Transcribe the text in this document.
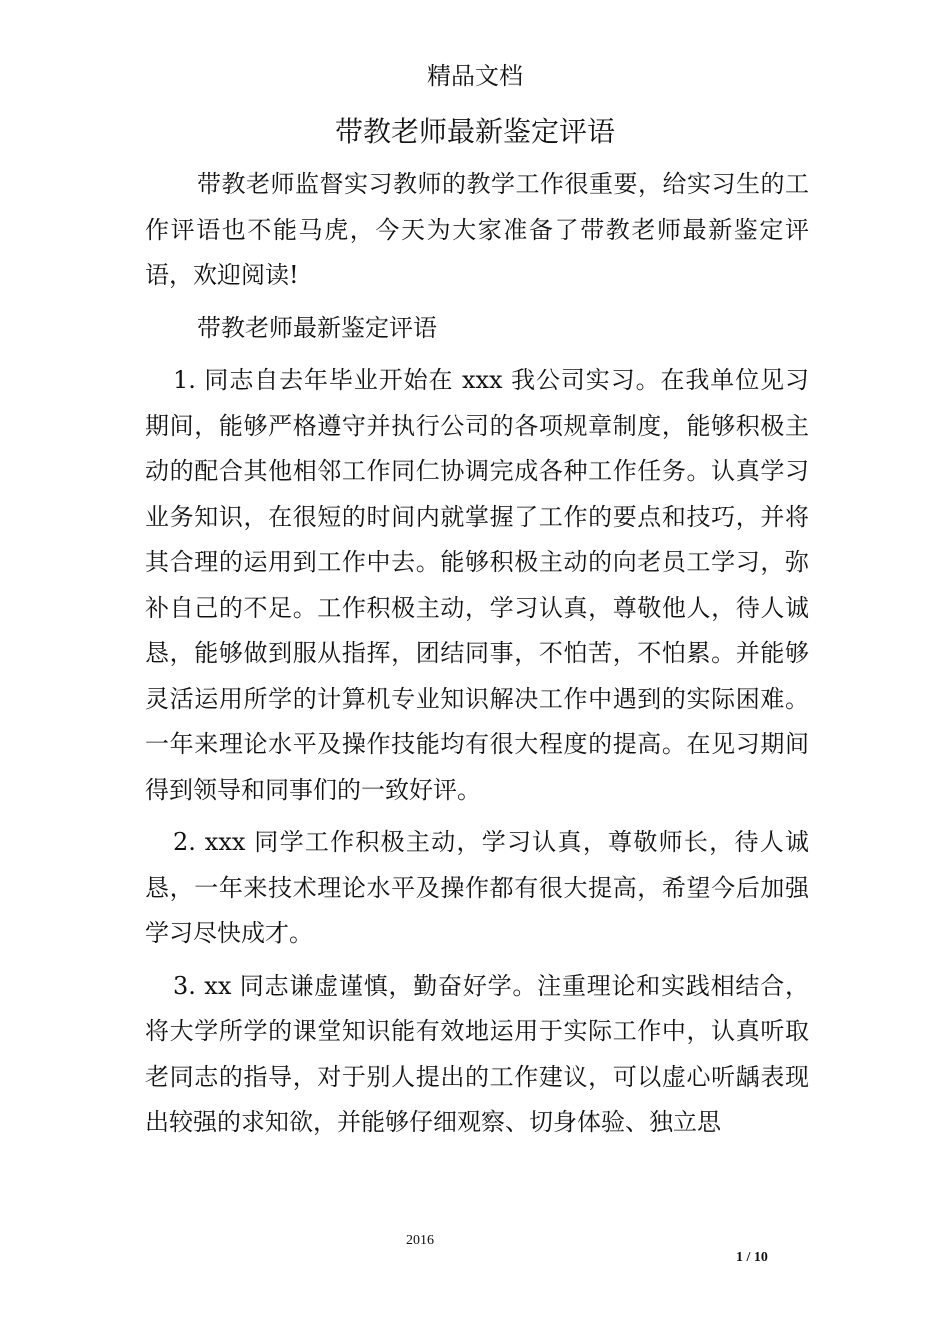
精品文档
带教老师最新鉴定评语

带教老师监督实习教师的教学工作很重要，给实习生的工作评语也不能马虎，今天为大家准备了带教老师最新鉴定评语，欢迎阅读!

带教老师最新鉴定评语

1. 同志自去年毕业开始在 xxx 我公司实习。在我单位见习期间，能够严格遵守并执行公司的各项规章制度，能够积极主动的配合其他相邻工作同仁协调完成各种工作任务。认真学习业务知识，在很短的时间内就掌握了工作的要点和技巧，并将其合理的运用到工作中去。能够积极主动的向老员工学习，弥补自己的不足。工作积极主动，学习认真，尊敬他人，待人诚恳，能够做到服从指挥，团结同事，不怕苦，不怕累。并能够灵活运用所学的计算机专业知识解决工作中遇到的实际困难。一年来理论水平及操作技能均有很大程度的提高。在见习期间得到领导和同事们的一致好评。

2. xxx 同学工作积极主动，学习认真，尊敬师长，待人诚恳，一年来技术理论水平及操作都有很大提高，希望今后加强学习尽快成才。

3. xx 同志谦虚谨慎，勤奋好学。注重理论和实践相结合，将大学所学的课堂知识能有效地运用于实际工作中，认真听取老同志的指导，对于别人提出的工作建议，可以虚心听龋表现出较强的求知欲，并能够仔细观察、切身体验、独立思

2016
1 / 10
